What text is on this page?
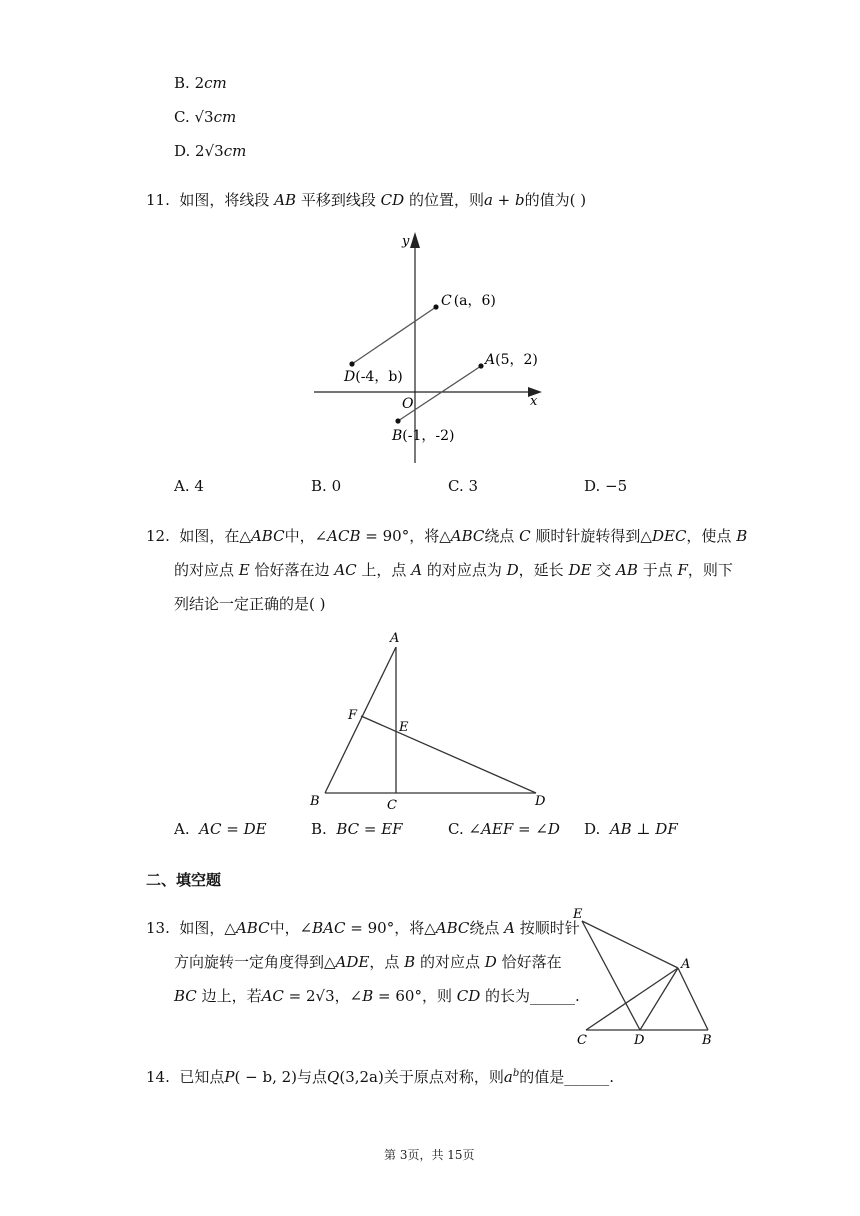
B. 2cm
C. √3cm
D. 2√3cm
11. 如图，将线段 AB 平移到线段 CD 的位置，则a + b的值为( )
x
y
O
C (a，6)
D(-4，b)
A(5，2)
B(-1，-2)
A. 4	B. 0	C. 3	D. −5
12. 如图，在△ABC中，∠ACB = 90°，将△ABC绕点 C 顺时针旋转得到△DEC，使点 B
的对应点 E 恰好落在边 AC 上，点 A 的对应点为 D，延长 DE 交 AB 于点 F，则下
列结论一定正确的是( )
A
F
E
B	C	D
A. AC = DE	B. BC = EF	C. ∠AEF = ∠D D. AB ⊥ DF
二、填空题
13. 如图，△ABC中，∠BAC = 90°，将△ABC绕点 A 按顺时针
方向旋转一定角度得到△ADE，点 B 的对应点 D 恰好落在
BC 边上，若AC = 2√3，∠B = 60°，则 CD 的长为______.
E
A
C	D	B
14. 已知点P( − b, 2)与点Q(3,2a)关于原点对称，则$a^b$的值是______.
第 3页，共 15页
